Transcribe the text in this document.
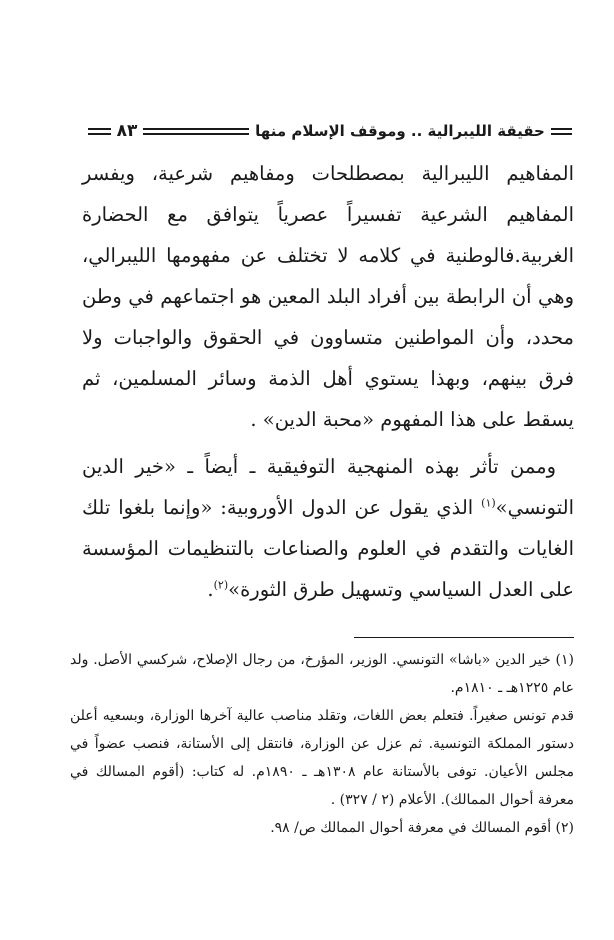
حقيقة الليبرالية .. وموقف الإسلام منها
٨٣

المفاهيم الليبرالية بمصطلحات ومفاهيم شرعية، ويفسر المفاهيم الشرعية تفسيراً عصرياً يتوافق مع الحضارة الغربية.فالوطنية في كلامه لا تختلف عن مفهومها الليبرالي، وهي أن الرابطة بين أفراد البلد المعين هو اجتماعهم في وطن محدد، وأن المواطنين متساوون في الحقوق والواجبات ولا فرق بينهم، وبهذا يستوي أهل الذمة وسائر المسلمين، ثم يسقط على هذا المفهوم «محبة الدين» .

وممن تأثر بهذه المنهجية التوفيقية ـ أيضاً ـ «خير الدين التونسي»$^{(١)}$ الذي يقول عن الدول الأوروبية: «وإنما بلغوا تلك الغايات والتقدم في العلوم والصناعات بالتنظيمات المؤسسة على العدل السياسي وتسهيل طرق الثورة»$^{(٢)}$.

(١) خير الدين «باشا» التونسي. الوزير، المؤرخ، من رجال الإصلاح، شركسي الأصل. ولد عام ١٢٢٥هـ ـ ١٨١٠م.

قدم تونس صغيراً. فتعلم بعض اللغات، وتقلد مناصب عالية آخرها الوزارة، وبسعيه أعلن دستور المملكة التونسية. ثم عزل عن الوزارة، فانتقل إلى الأستانة، فنصب عضواً في مجلس الأعيان. توفى بالأستانة عام ١٣٠٨هـ ـ ١٨٩٠م. له كتاب: (أقوم المسالك في معرفة أحوال الممالك). الأعلام (٢ / ٣٢٧) .

(٢) أقوم المسالك في معرفة أحوال الممالك ص/ ٩٨.
